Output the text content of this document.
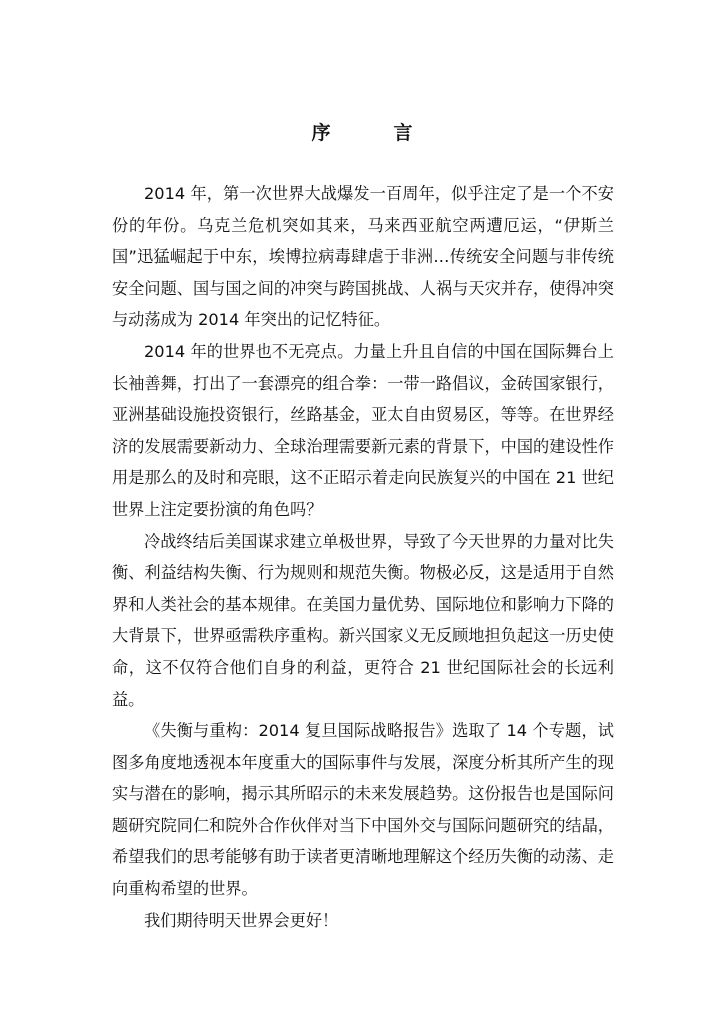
序　言

2014 年，第一次世界大战爆发一百周年，似乎注定了是一个不安份的年份。乌克兰危机突如其来，马来西亚航空两遭厄运，“伊斯兰国”迅猛崛起于中东，埃博拉病毒肆虐于非洲…传统安全问题与非传统安全问题、国与国之间的冲突与跨国挑战、人祸与天灾并存，使得冲突与动荡成为 2014 年突出的记忆特征。

2014 年的世界也不无亮点。力量上升且自信的中国在国际舞台上长袖善舞，打出了一套漂亮的组合拳：一带一路倡议，金砖国家银行，亚洲基础设施投资银行，丝路基金，亚太自由贸易区，等等。在世界经济的发展需要新动力、全球治理需要新元素的背景下，中国的建设性作用是那么的及时和亮眼，这不正昭示着走向民族复兴的中国在 21 世纪世界上注定要扮演的角色吗？

冷战终结后美国谋求建立单极世界，导致了今天世界的力量对比失衡、利益结构失衡、行为规则和规范失衡。物极必反，这是适用于自然界和人类社会的基本规律。在美国力量优势、国际地位和影响力下降的大背景下，世界亟需秩序重构。新兴国家义无反顾地担负起这一历史使命，这不仅符合他们自身的利益，更符合 21 世纪国际社会的长远利益。

《失衡与重构：2014 复旦国际战略报告》选取了 14 个专题，试图多角度地透视本年度重大的国际事件与发展，深度分析其所产生的现实与潜在的影响，揭示其所昭示的未来发展趋势。这份报告也是国际问题研究院同仁和院外合作伙伴对当下中国外交与国际问题研究的结晶，希望我们的思考能够有助于读者更清晰地理解这个经历失衡的动荡、走向重构希望的世界。

我们期待明天世界会更好！
